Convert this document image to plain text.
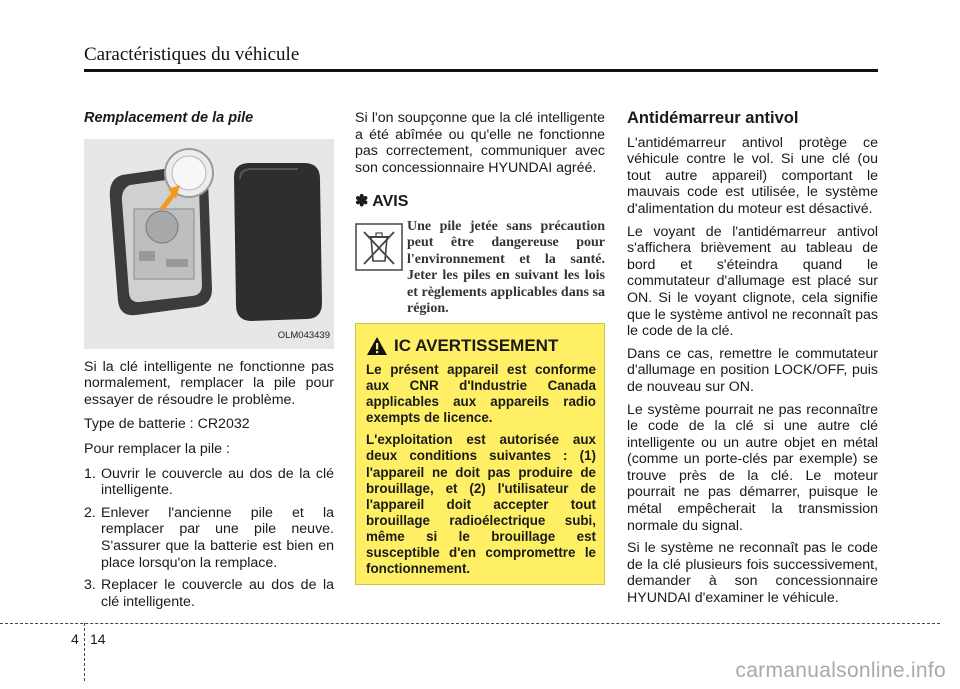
Caractéristiques du véhicule
Remplacement de la pile
OLM043439

Si la clé intelligente ne fonctionne pas normalement, remplacer la pile pour essayer de résoudre le problème.

Type de batterie : CR2032

Pour remplacer la pile :

1. Ouvrir le couvercle au dos de la clé intelligente.
2. Enlever l'ancienne pile et la remplacer par une pile neuve. S'assurer que la batterie est bien en place lorsqu'on la remplace.
3. Replacer le couvercle au dos de la clé intelligente.

Si l'on soupçonne que la clé intelligente a été abîmée ou qu'elle ne fonctionne pas correctement, communiquer avec son concessionnaire HYUNDAI agréé.

✽ AVIS
Une pile jetée sans précaution peut être dangereuse pour l'environnement et la santé. Jeter les piles en suivant les lois et règlements applicables dans sa région.
IC AVERTISSEMENT

Le présent appareil est conforme aux CNR d'Industrie Canada applicables aux appareils radio exempts de licence.

L'exploitation est autorisée aux deux conditions suivantes : (1) l'appareil ne doit pas produire de brouillage, et (2) l'utilisateur de l'appareil doit accepter tout brouillage radioélectrique subi, même si le brouillage est susceptible d'en compromettre le fonctionnement.

Antidémarreur antivol

L'antidémarreur antivol protège ce véhicule contre le vol. Si une clé (ou tout autre appareil) comportant le mauvais code est utilisée, le système d'alimentation du moteur est désactivé.

Le voyant de l'antidémarreur antivol s'affichera brièvement au tableau de bord et s'éteindra quand le commutateur d'allumage est placé sur ON. Si le voyant clignote, cela signifie que le système antivol ne reconnaît pas le code de la clé.

Dans ce cas, remettre le commutateur d'allumage en position LOCK/OFF, puis de nouveau sur ON.

Le système pourrait ne pas reconnaître le code de la clé si une autre clé intelligente ou un autre objet en métal (comme un porte-clés par exemple) se trouve près de la clé. Le moteur pourrait ne pas démarrer, puisque le métal empêcherait la transmission normale du signal.

Si le système ne reconnaît pas le code de la clé plusieurs fois successivement, demander à son concessionnaire HYUNDAI d'examiner le véhicule.

4 14
carmanualsonline.info
